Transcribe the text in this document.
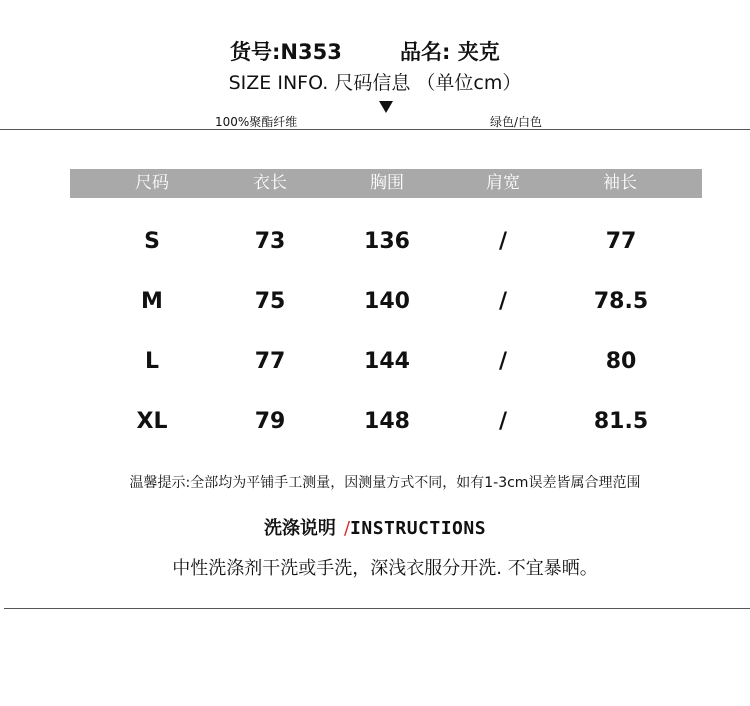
货号:N353	品名: 夹克
SIZE INFO. 尺码信息 （单位cm）
100%聚酯纤维	绿色/白色
尺码	衣长	胸围	肩宽	袖长
S	73	136	/	77
M	75	140	/	78.5
L	77	144	/	80
XL	79	148	/	81.5
温馨提示:全部均为平铺手工测量，因测量方式不同，如有1-3cm误差皆属合理范围
洗涤说明 /INSTRUCTIONS
中性洗涤剂干洗或手洗，深浅衣服分开洗. 不宜暴晒。
